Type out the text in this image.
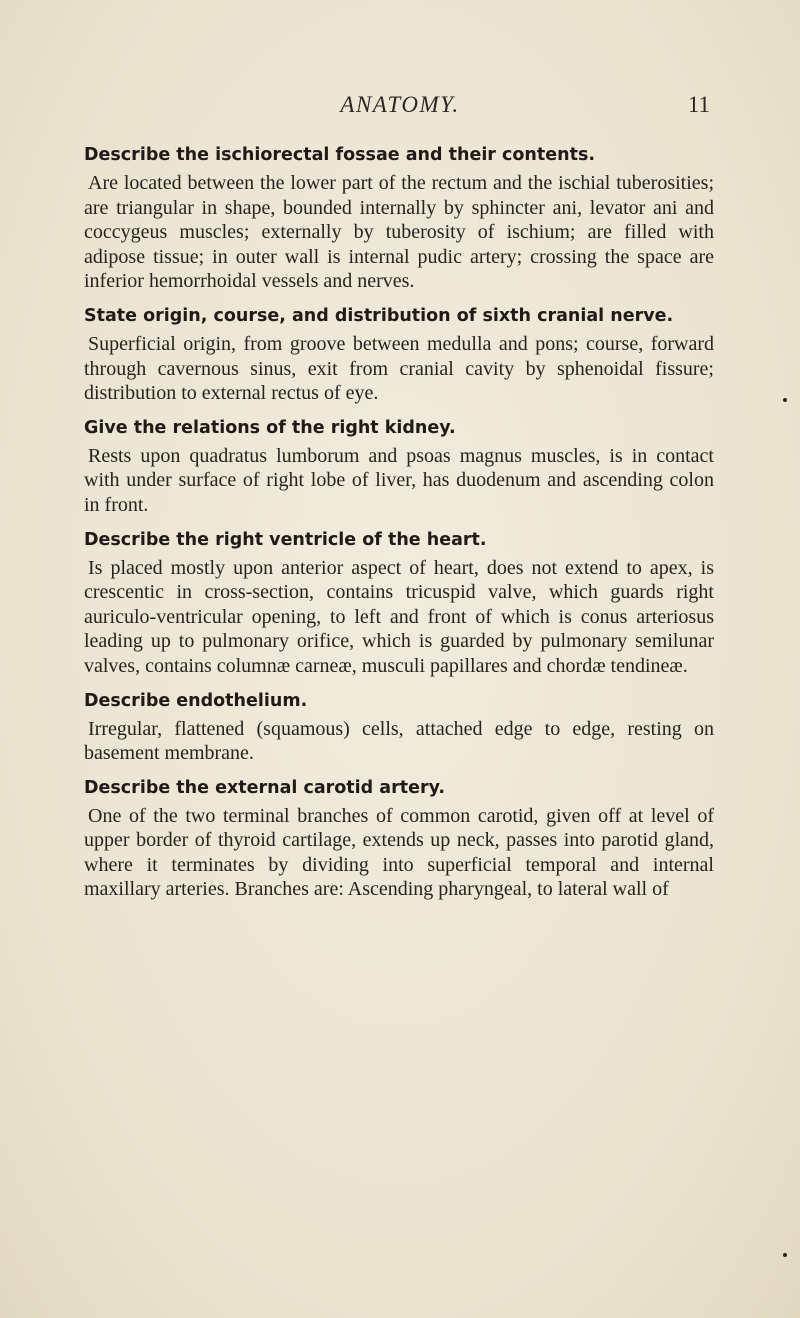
ANATOMY.	11

Describe the ischiorectal fossae and their contents.

Are located between the lower part of the rectum and the ischial tuberosities; are triangular in shape, bounded internally by sphincter ani, levator ani and coccygeus muscles; externally by tuberosity of ischium; are filled with adipose tissue; in outer wall is internal pudic artery; crossing the space are inferior hemorrhoidal vessels and nerves.

State origin, course, and distribution of sixth cranial nerve.

Superficial origin, from groove between medulla and pons; course, forward through cavernous sinus, exit from cranial cavity by sphenoidal fissure; distribution to external rectus of eye.

Give the relations of the right kidney.

Rests upon quadratus lumborum and psoas magnus muscles, is in contact with under surface of right lobe of liver, has duodenum and ascending colon in front.

Describe the right ventricle of the heart.

Is placed mostly upon anterior aspect of heart, does not extend to apex, is crescentic in cross-section, contains tricuspid valve, which guards right auriculo-ventricular opening, to left and front of which is conus arteriosus leading up to pulmonary orifice, which is guarded by pulmonary semilunar valves, contains columnæ carneæ, musculi papillares and chordæ tendineæ.

Describe endothelium.

Irregular, flattened (squamous) cells, attached edge to edge, resting on basement membrane.

Describe the external carotid artery.

One of the two terminal branches of common carotid, given off at level of upper border of thyroid cartilage, extends up neck, passes into parotid gland, where it terminates by dividing into superficial temporal and internal maxillary arteries. Branches are: Ascending pharyngeal, to lateral wall of
